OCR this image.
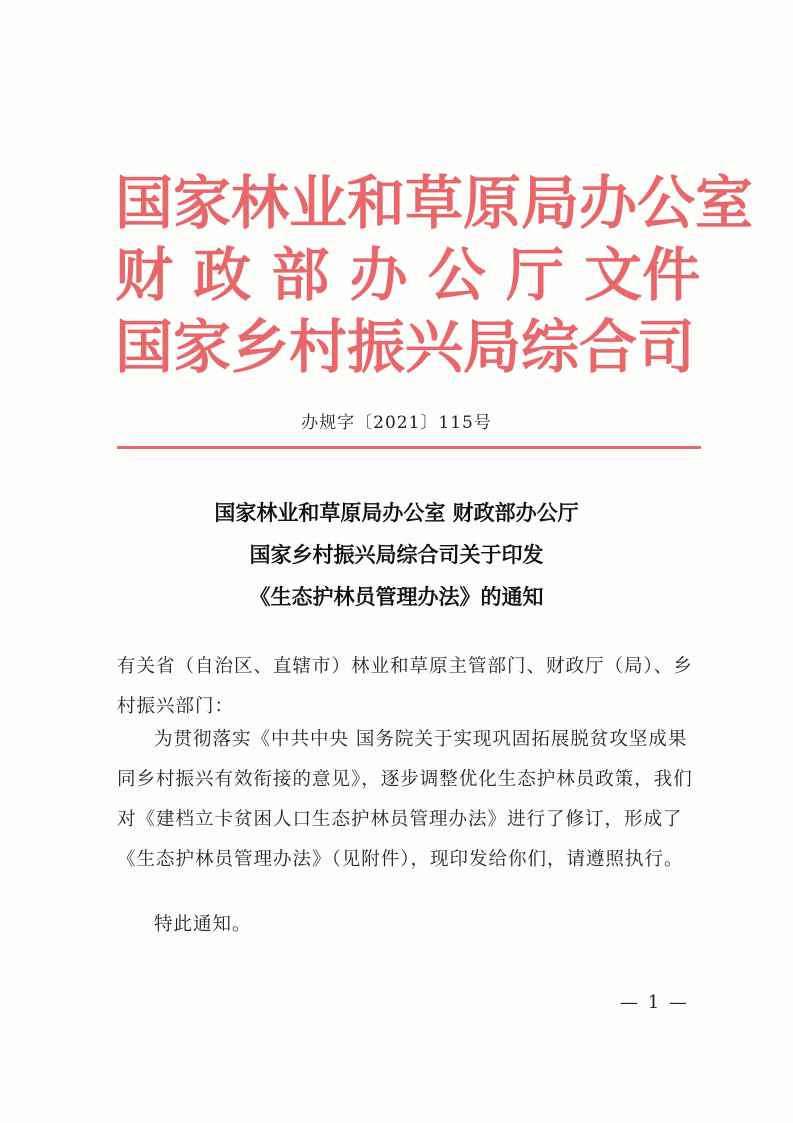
国家林业和草原局办公室
财 政 部 办 公 厅 文件
国家乡村振兴局综合司
办规字〔2021〕115号
国家林业和草原局办公室 财政部办公厅
国家乡村振兴局综合司关于印发
《生态护林员管理办法》的通知
有关省（自治区、直辖市）林业和草原主管部门、财政厅（局）、乡村振兴部门：
为贯彻落实《中共中央 国务院关于实现巩固拓展脱贫攻坚成果同乡村振兴有效衔接的意见》，逐步调整优化生态护林员政策，我们对《建档立卡贫困人口生态护林员管理办法》进行了修订，形成了《生态护林员管理办法》（见附件），现印发给你们，请遵照执行。
特此通知。
— 1 —
